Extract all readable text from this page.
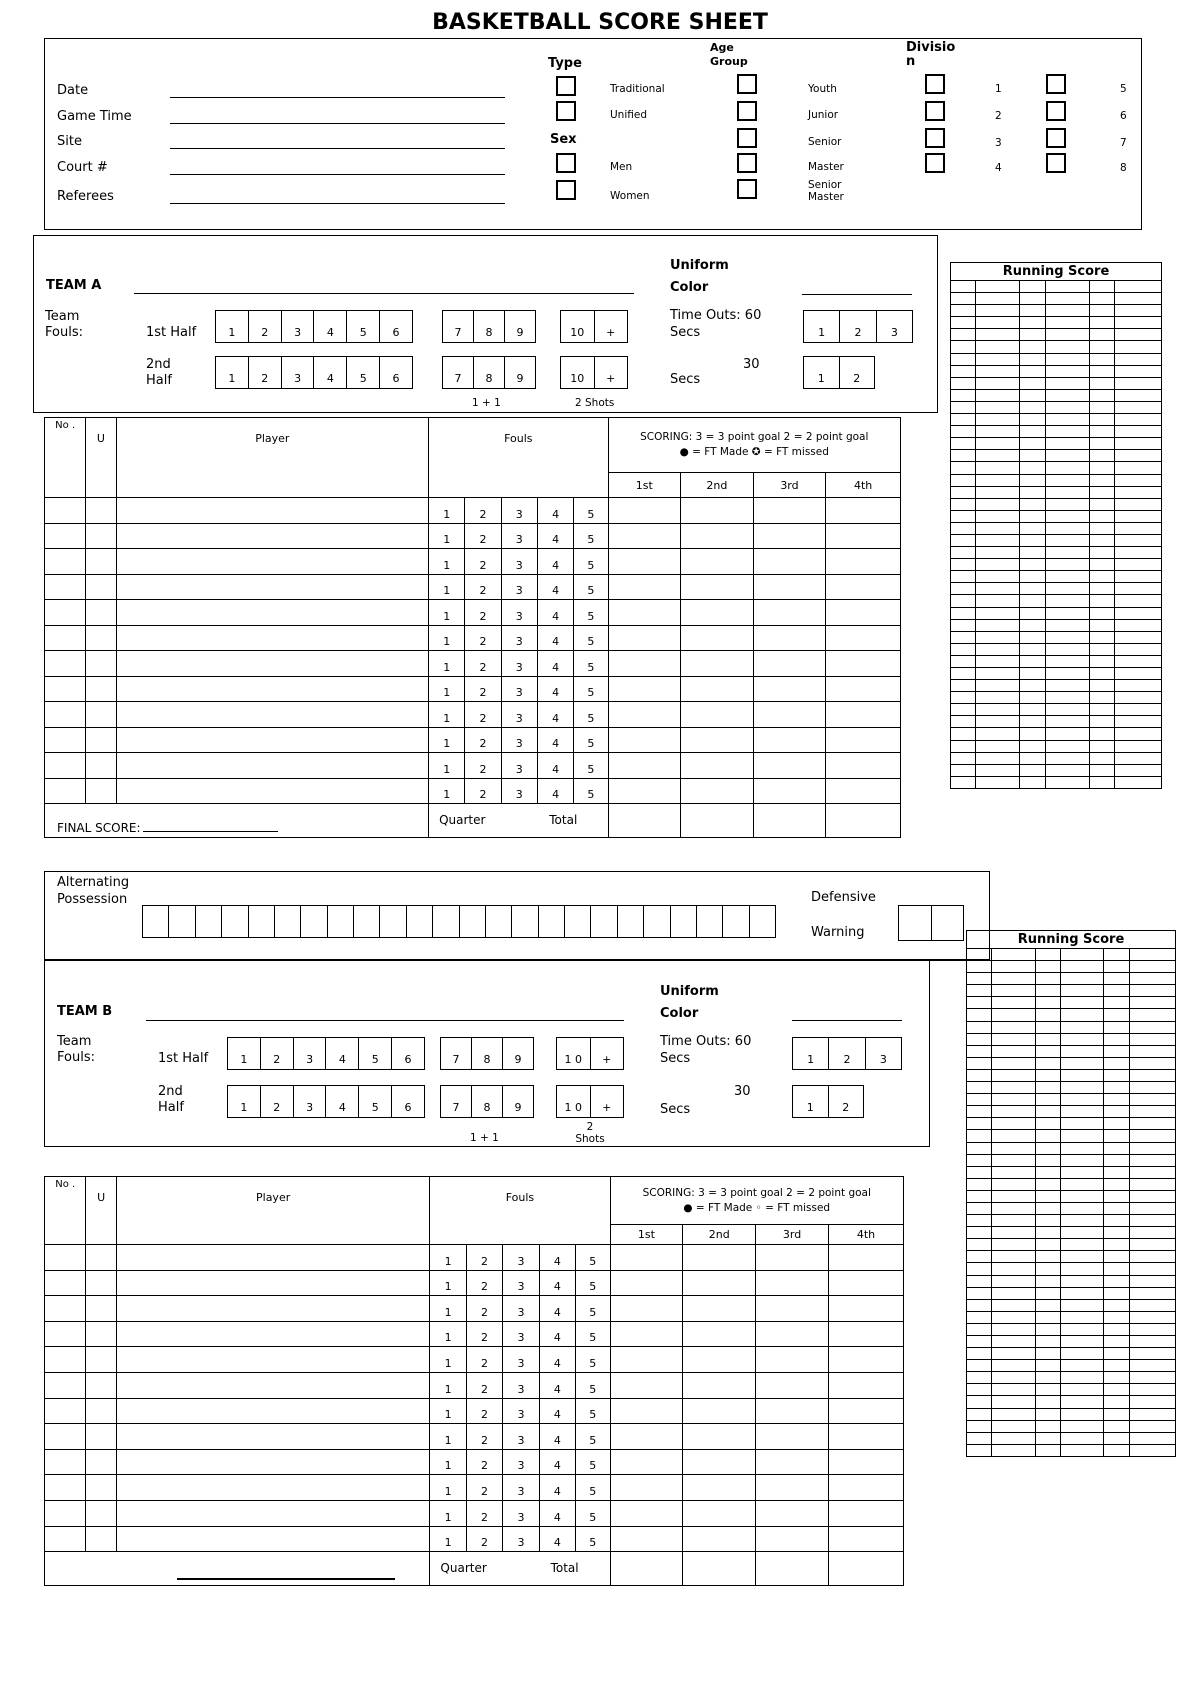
BASKETBALL SCORE SHEET
Type
Traditional
Unified
Sex
Men
Women
Age Group
Division
TEAM A
Uniform Color
Team Fouls:	1st Half
2nd Half
Time Outs: 60
Secs
30
Secs
1 + 1	2 Shots
1	2	3	4	5	6	7	8	9	10	+
1	2	3	4	5	6	7	8	9	10	+
1	2	3
1	2
No .	U	Player	Fouls					SCORING: 3 = 3 point goal 2 = 2 point goal
● = FT Made ✪ = FT missed			

								1st	2nd	3rd	4th
			1	2	3	4	5				
			1	2	3	4	5				
			1	2	3	4	5				
			1	2	3	4	5				
			1	2	3	4	5				
			1	2	3	4	5				
			1	2	3	4	5				
			1	2	3	4	5				
			1	2	3	4	5				
			1	2	3	4	5				
			1	2	3	4	5				
			1	2	3	4	5				
FINAL SCORE:			Quarter Total								
Running Score					

Alternating Possession	Defensive
Warning	Running Score					

TEAM B
Uniform Color
Team Fouls:	1st Half
2nd Half
Time Outs: 60
Secs
30
Secs
1 + 1
2 Shots
1	2	3	4	5	6	7	8	9	1 0	+
1	2	3	4	5	6	7	8	9	1 0	+
1	2	3
1	2
No .	U	Player	Fouls					SCORING: 3 = 3 point goal 2 = 2 point goal
● = FT Made ◦ = FT missed			

								1st	2nd	3rd	4th
			1	2	3	4	5				
			1	2	3	4	5				
			1	2	3	4	5				
			1	2	3	4	5				
			1	2	3	4	5				
			1	2	3	4	5				
			1	2	3	4	5				
			1	2	3	4	5				
			1	2	3	4	5				
			1	2	3	4	5				
			1	2	3	4	5				
			1	2	3	4	5				
			Quarter Total								
Date
Game Time
Site
Court #
Referees
Youth
Junior
Senior
Master
Senior Master
1
2
3
4
5
6
7
8
